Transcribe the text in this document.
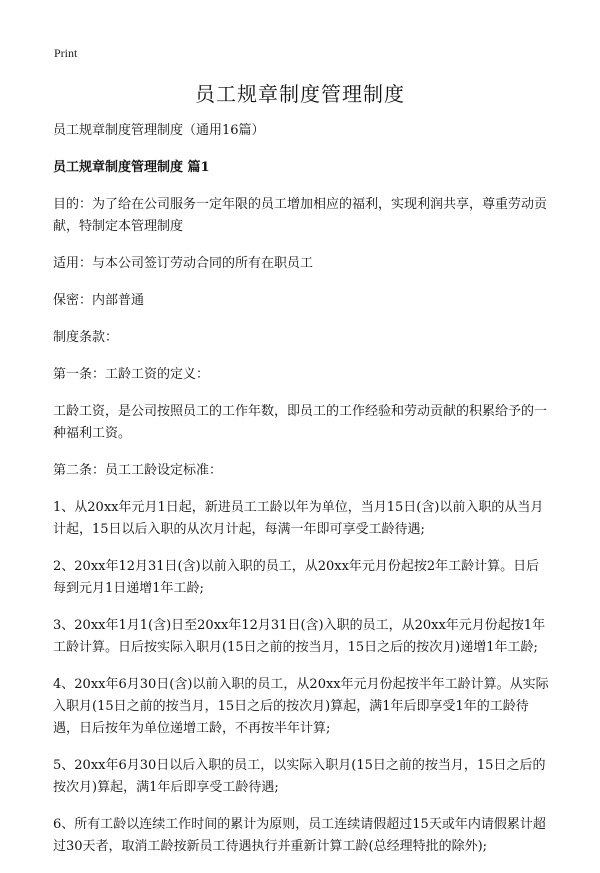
Print
员工规章制度管理制度

员工规章制度管理制度（通用16篇）

员工规章制度管理制度 篇1

目的：为了给在公司服务一定年限的员工增加相应的福利，实现利润共享，尊重劳动贡献，特制定本管理制度

适用：与本公司签订劳动合同的所有在职员工

保密：内部普通

制度条款：

第一条：工龄工资的定义：

工龄工资，是公司按照员工的工作年数，即员工的工作经验和劳动贡献的积累给予的一种福利工资。

第二条：员工工龄设定标准：

1、从20xx年元月1日起，新进员工工龄以年为单位，当月15日(含)以前入职的从当月计起，15日以后入职的从次月计起，每满一年即可享受工龄待遇;

2、20xx年12月31日(含)以前入职的员工，从20xx年元月份起按2年工龄计算。日后每到元月1日递增1年工龄;

3、20xx年1月1(含)日至20xx年12月31日(含)入职的员工，从20xx年元月份起按1年工龄计算。日后按实际入职月(15日之前的按当月，15日之后的按次月)递增1年工龄;

4、20xx年6月30日(含)以前入职的员工，从20xx年元月份起按半年工龄计算。从实际入职月(15日之前的按当月，15日之后的按次月)算起，满1年后即享受1年的工龄待遇，日后按年为单位递增工龄，不再按半年计算;

5、20xx年6月30日以后入职的员工，以实际入职月(15日之前的按当月，15日之后的按次月)算起，满1年后即享受工龄待遇;

6、所有工龄以连续工作时间的累计为原则，员工连续请假超过15天或年内请假累计超过30天者，取消工龄按新员工待遇执行并重新计算工龄(总经理特批的除外);
